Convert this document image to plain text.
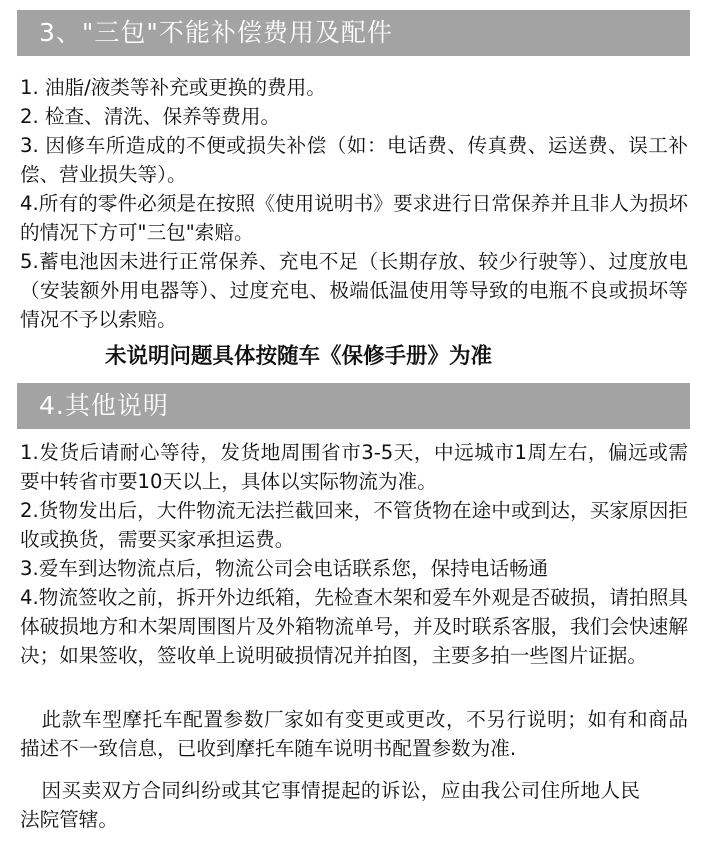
3、"三包"不能补偿费用及配件

1. 油脂/液类等补充或更换的费用。

2. 检查、清洗、保养等费用。

3. 因修车所造成的不便或损失补偿（如：电话费、传真费、运送费、误工补偿、营业损失等）。

4.所有的零件必须是在按照《使用说明书》要求进行日常保养并且非人为损坏的情况下方可"三包"索赔。

5.蓄电池因未进行正常保养、充电不足（长期存放、较少行驶等）、过度放电（安装额外用电器等）、过度充电、极端低温使用等导致的电瓶不良或损坏等情况不予以索赔。

未说明问题具体按随车《保修手册》为准
4.其他说明

1.发货后请耐心等待，发货地周围省市3-5天，中远城市1周左右，偏远或需要中转省市要10天以上，具体以实际物流为准。

2.货物发出后，大件物流无法拦截回来，不管货物在途中或到达，买家原因拒收或换货，需要买家承担运费。

3.爱车到达物流点后，物流公司会电话联系您，保持电话畅通

4.物流签收之前，拆开外边纸箱，先检查木架和爱车外观是否破损，请拍照具体破损地方和木架周围图片及外箱物流单号，并及时联系客服，我们会快速解决；如果签收，签收单上说明破损情况并拍图，主要多拍一些图片证据。

此款车型摩托车配置参数厂家如有变更或更改，不另行说明；如有和商品描述不一致信息，已收到摩托车随车说明书配置参数为准.

因买卖双方合同纠纷或其它事情提起的诉讼，应由我公司住所地人民法院管辖。
